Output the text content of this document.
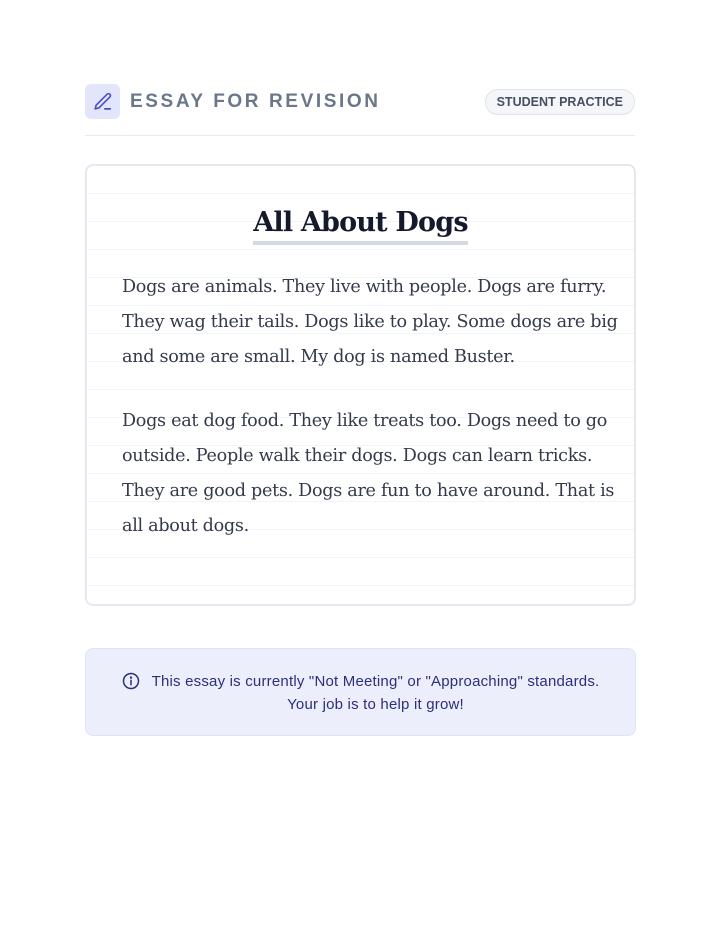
ESSAY FOR REVISION	STUDENT PRACTICE
All About Dogs

Dogs are animals. They live with people. Dogs are furry. They wag their tails. Dogs like to play. Some dogs are big and some are small. My dog is named Buster.

Dogs eat dog food. They like treats too. Dogs need to go outside. People walk their dogs. Dogs can learn tricks. They are good pets. Dogs are fun to have around. That is all about dogs.

This essay is currently "Not Meeting" or "Approaching" standards.
Your job is to help it grow!
